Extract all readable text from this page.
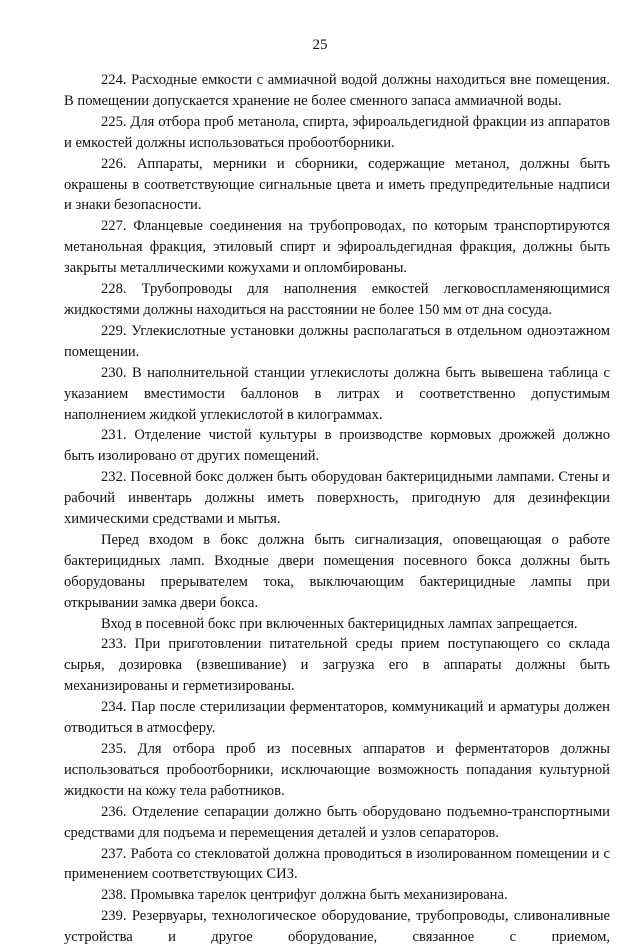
25

224. Расходные емкости с аммиачной водой должны находиться вне помещения. В помещении допускается хранение не более сменного запаса аммиачной воды.

225. Для отбора проб метанола, спирта, эфироальдегидной фракции из аппаратов и емкостей должны использоваться пробоотборники.

226. Аппараты, мерники и сборники, содержащие метанол, должны быть окрашены в соответствующие сигнальные цвета и иметь предупредительные надписи и знаки безопасности.

227. Фланцевые соединения на трубопроводах, по которым транспортируются метанольная фракция, этиловый спирт и эфироальдегидная фракция, должны быть закрыты металлическими кожухами и опломбированы.

228. Трубопроводы для наполнения емкостей легковоспламеняющимися жидкостями должны находиться на расстоянии не более 150 мм от дна сосуда.

229. Углекислотные установки должны располагаться в отдельном одноэтажном помещении.

230. В наполнительной станции углекислоты должна быть вывешена таблица с указанием вместимости баллонов в литрах и соответственно допустимым наполнением жидкой углекислотой в килограммах.

231. Отделение чистой культуры в производстве кормовых дрожжей должно быть изолировано от других помещений.

232. Посевной бокс должен быть оборудован бактерицидными лампами. Стены и рабочий инвентарь должны иметь поверхность, пригодную для дезинфекции химическими средствами и мытья.

Перед входом в бокс должна быть сигнализация, оповещающая о работе бактерицидных ламп. Входные двери помещения посевного бокса должны быть оборудованы прерывателем тока, выключающим бактерицидные лампы при открывании замка двери бокса.

Вход в посевной бокс при включенных бактерицидных лампах запрещается.

233. При приготовлении питательной среды прием поступающего со склада сырья, дозировка (взвешивание) и загрузка его в аппараты должны быть механизированы и герметизированы.

234. Пар после стерилизации ферментаторов, коммуникаций и арматуры должен отводиться в атмосферу.

235. Для отбора проб из посевных аппаратов и ферментаторов должны использоваться пробоотборники, исключающие возможность попадания культурной жидкости на кожу тела работников.

236. Отделение сепарации должно быть оборудовано подъемно-транспортными средствами для подъема и перемещения деталей и узлов сепараторов.

237. Работа со стекловатой должна проводиться в изолированном помещении и с применением соответствующих СИЗ.

238. Промывка тарелок центрифуг должна быть механизирована.

239. Резервуары, технологическое оборудование, трубопроводы, сливоналивные устройства и другое оборудование, связанное с приемом,
